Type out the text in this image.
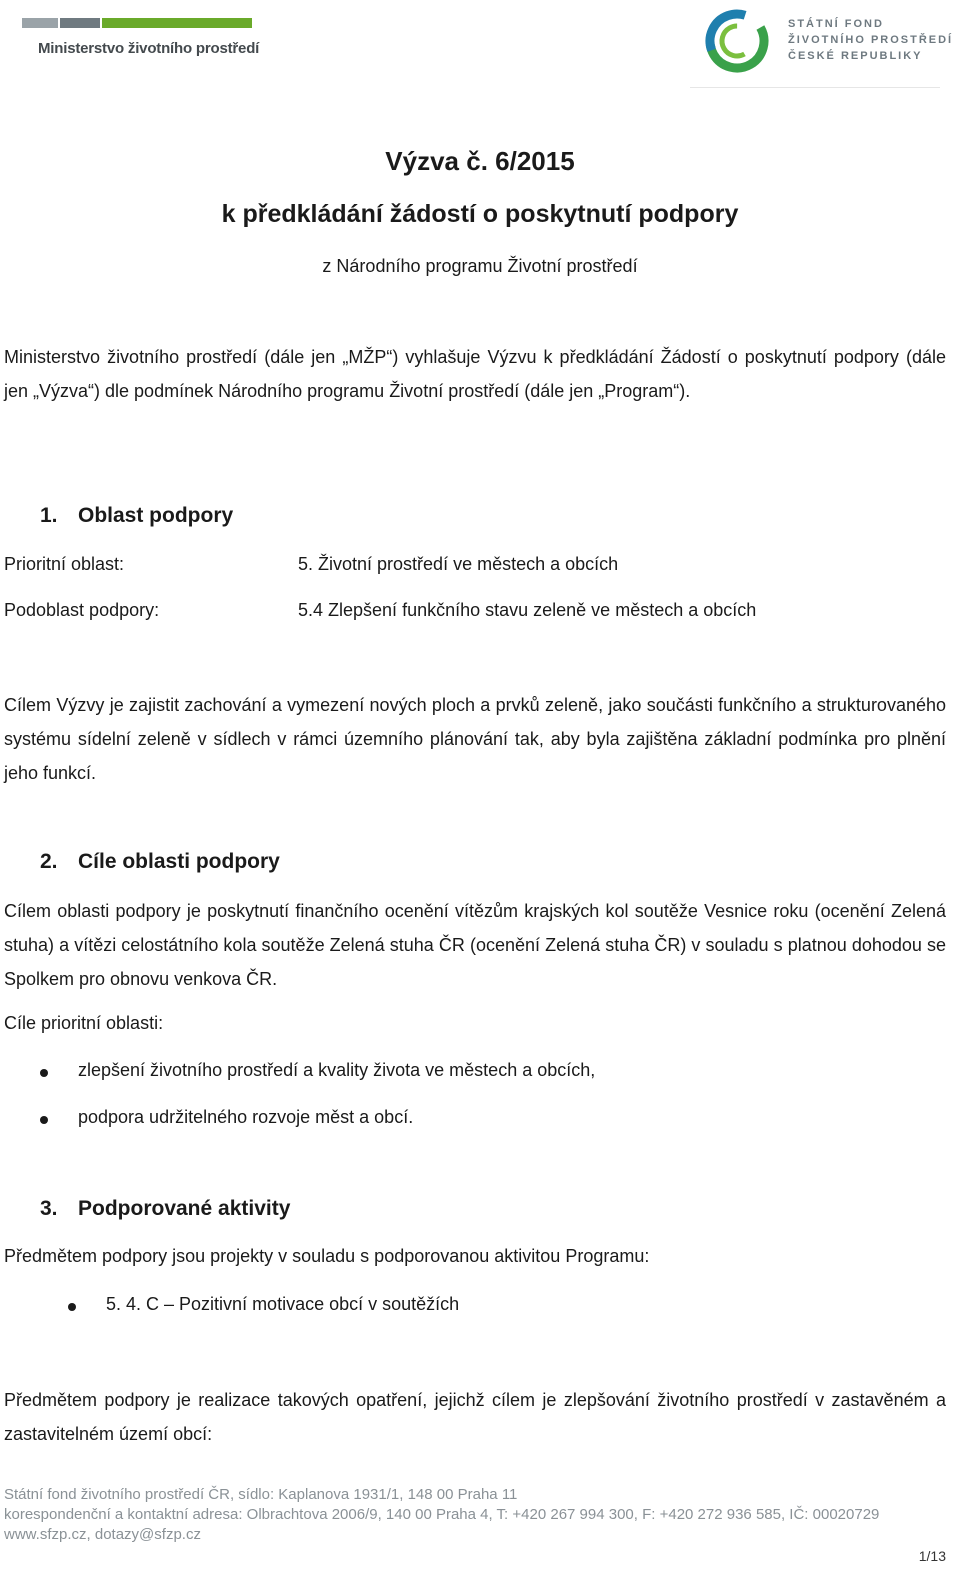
Ministerstvo životního prostředí
STÁTNÍ FOND
ŽIVOTNÍHO PROSTŘEDÍ
ČESKÉ REPUBLIKY
Výzva č. 6/2015
k předkládání žádostí o poskytnutí podpory
z Národního programu Životní prostředí

Ministerstvo životního prostředí (dále jen „MŽP“) vyhlašuje Výzvu k předkládání Žádostí o poskytnutí podpory (dále jen „Výzva“) dle podmínek Národního programu Životní prostředí (dále jen „Program“).

1. Oblast podpory
Prioritní oblast:	5. Životní prostředí ve městech a obcích
Podoblast podpory:	5.4 Zlepšení funkčního stavu zeleně ve městech a obcích

Cílem Výzvy je zajistit zachování a vymezení nových ploch a prvků zeleně, jako součásti funkčního a strukturovaného systému sídelní zeleně v sídlech v rámci územního plánování tak, aby byla zajištěna základní podmínka pro plnění jeho funkcí.

2. Cíle oblasti podpory

Cílem oblasti podpory je poskytnutí finančního ocenění vítězům krajských kol soutěže Vesnice roku (ocenění Zelená stuha) a vítězi celostátního kola soutěže Zelená stuha ČR (ocenění Zelená stuha ČR) v souladu s platnou dohodou se Spolkem pro obnovu venkova ČR.

Cíle prioritní oblasti:
zlepšení životního prostředí a kvality života ve městech a obcích,
podpora udržitelného rozvoje měst a obcí.
3. Podporované aktivity
Předmětem podpory jsou projekty v souladu s podporovanou aktivitou Programu:
5. 4. C – Pozitivní motivace obcí v soutěžích

Předmětem podpory je realizace takových opatření, jejichž cílem je zlepšování životního prostředí v zastavěném a zastavitelném území obcí:

Státní fond životního prostředí ČR, sídlo: Kaplanova 1931/1, 148 00 Praha 11
korespondenční a kontaktní adresa: Olbrachtova 2006/9, 140 00 Praha 4, T: +420 267 994 300, F: +420 272 936 585, IČ: 00020729
www.sfzp.cz, dotazy@sfzp.cz
1/13
